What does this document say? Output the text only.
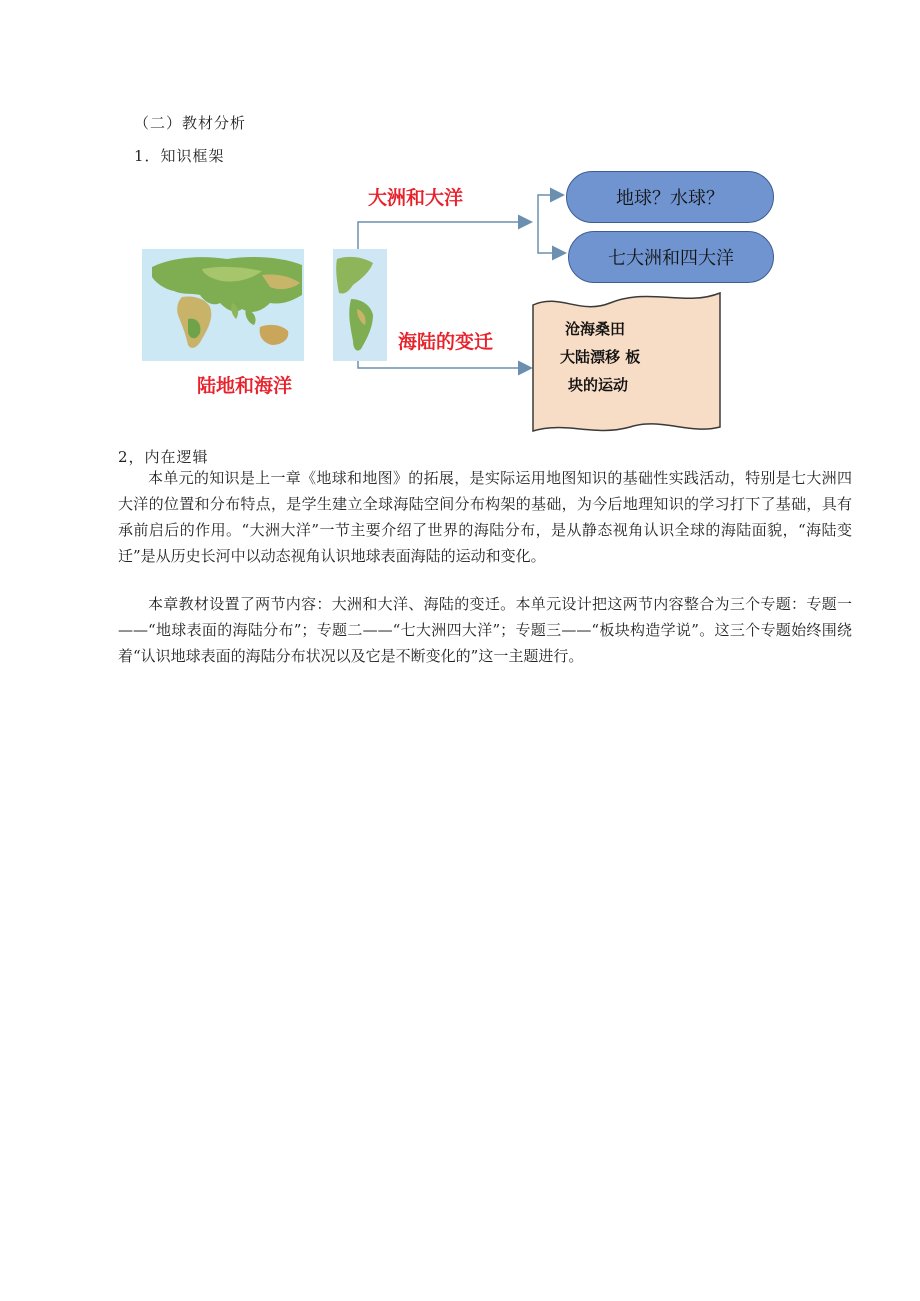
（二）教材分析
1．知识框架
陆地和海洋
大洲和大洋
海陆的变迁
地球？水球？
七大洲和四大洋
沧海桑田
大陆漂移 板
块的运动
2，内在逻辑

本单元的知识是上一章《地球和地图》的拓展，是实际运用地图知识的基础性实践活动，特别是七大洲四大洋的位置和分布特点，是学生建立全球海陆空间分布构架的基础，为今后地理知识的学习打下了基础，具有承前启后的作用。“大洲大洋”一节主要介绍了世界的海陆分布，是从静态视角认识全球的海陆面貌，“海陆变迁”是从历史长河中以动态视角认识地球表面海陆的运动和变化。

本章教材设置了两节内容：大洲和大洋、海陆的变迁。本单元设计把这两节内容整合为三个专题：专题一——“地球表面的海陆分布”；专题二——“七大洲四大洋”；专题三——“板块构造学说”。这三个专题始终围绕着“认识地球表面的海陆分布状况以及它是不断变化的”这一主题进行。
